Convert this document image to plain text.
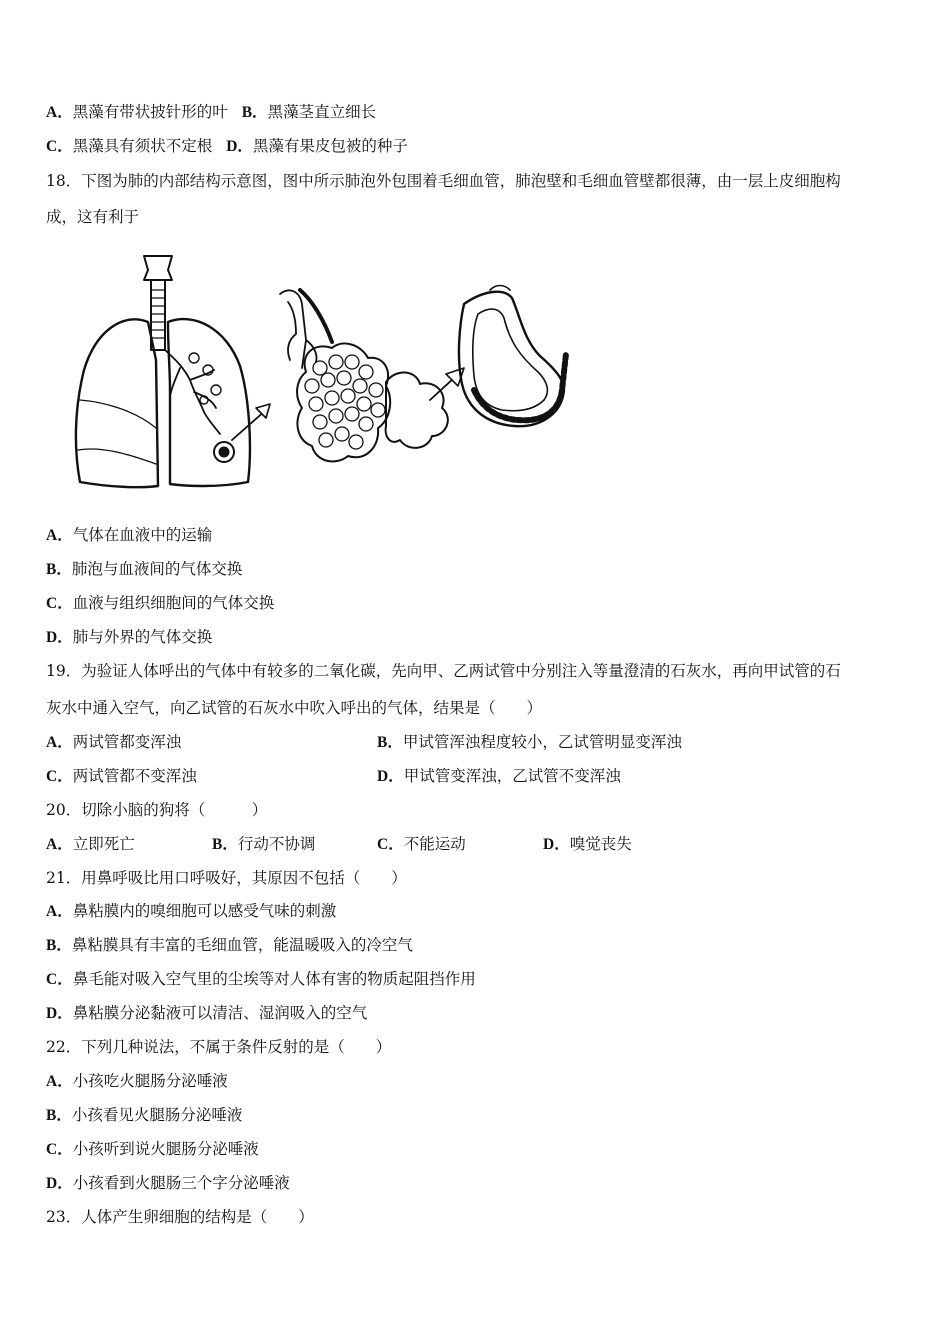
A．黑藻有带状披针形的叶 B．黑藻茎直立细长
C．黑藻具有须状不定根 D．黑藻有果皮包被的种子
18．下图为肺的内部结构示意图，图中所示肺泡外包围着毛细血管，肺泡壁和毛细血管壁都很薄，由一层上皮细胞构
成，这有利于
A．气体在血液中的运输
B．肺泡与血液间的气体交换
C．血液与组织细胞间的气体交换
D．肺与外界的气体交换
19．为验证人体呼出的气体中有较多的二氧化碳，先向甲、乙两试管中分别注入等量澄清的石灰水，再向甲试管的石
灰水中通入空气，向乙试管的石灰水中吹入呼出的气体，结果是（　　）
A．两试管都变浑浊	B．甲试管浑浊程度较小，乙试管明显变浑浊
C．两试管都不变浑浊	D．甲试管变浑浊，乙试管不变浑浊
20．切除小脑的狗将（　　　）
A．立即死亡	B．行动不协调	C．不能运动	D．嗅觉丧失
21．用鼻呼吸比用口呼吸好，其原因不包括（　　）
A．鼻粘膜内的嗅细胞可以感受气味的刺激
B．鼻粘膜具有丰富的毛细血管，能温暖吸入的冷空气
C．鼻毛能对吸入空气里的尘埃等对人体有害的物质起阻挡作用
D．鼻粘膜分泌黏液可以清洁、湿润吸入的空气
22．下列几种说法，不属于条件反射的是（　　）
A．小孩吃火腿肠分泌唾液
B．小孩看见火腿肠分泌唾液
C．小孩听到说火腿肠分泌唾液
D．小孩看到火腿肠三个字分泌唾液
23．人体产生卵细胞的结构是（　　）
